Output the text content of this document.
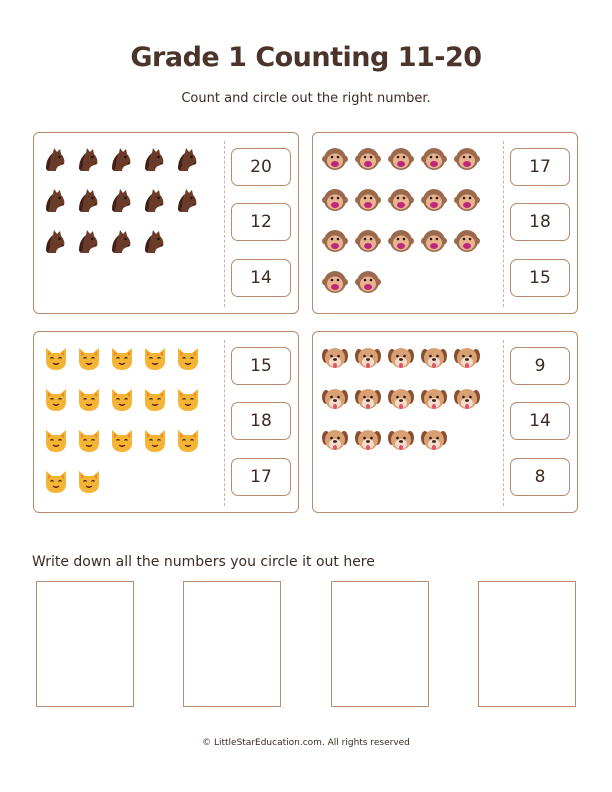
Grade 1 Counting 11-20
Count and circle out the right number.
20
12
14
17
18
15
15
18
17
9
14
8
Write down all the numbers you circle it out here
© LittleStarEducation.com. All rights reserved
